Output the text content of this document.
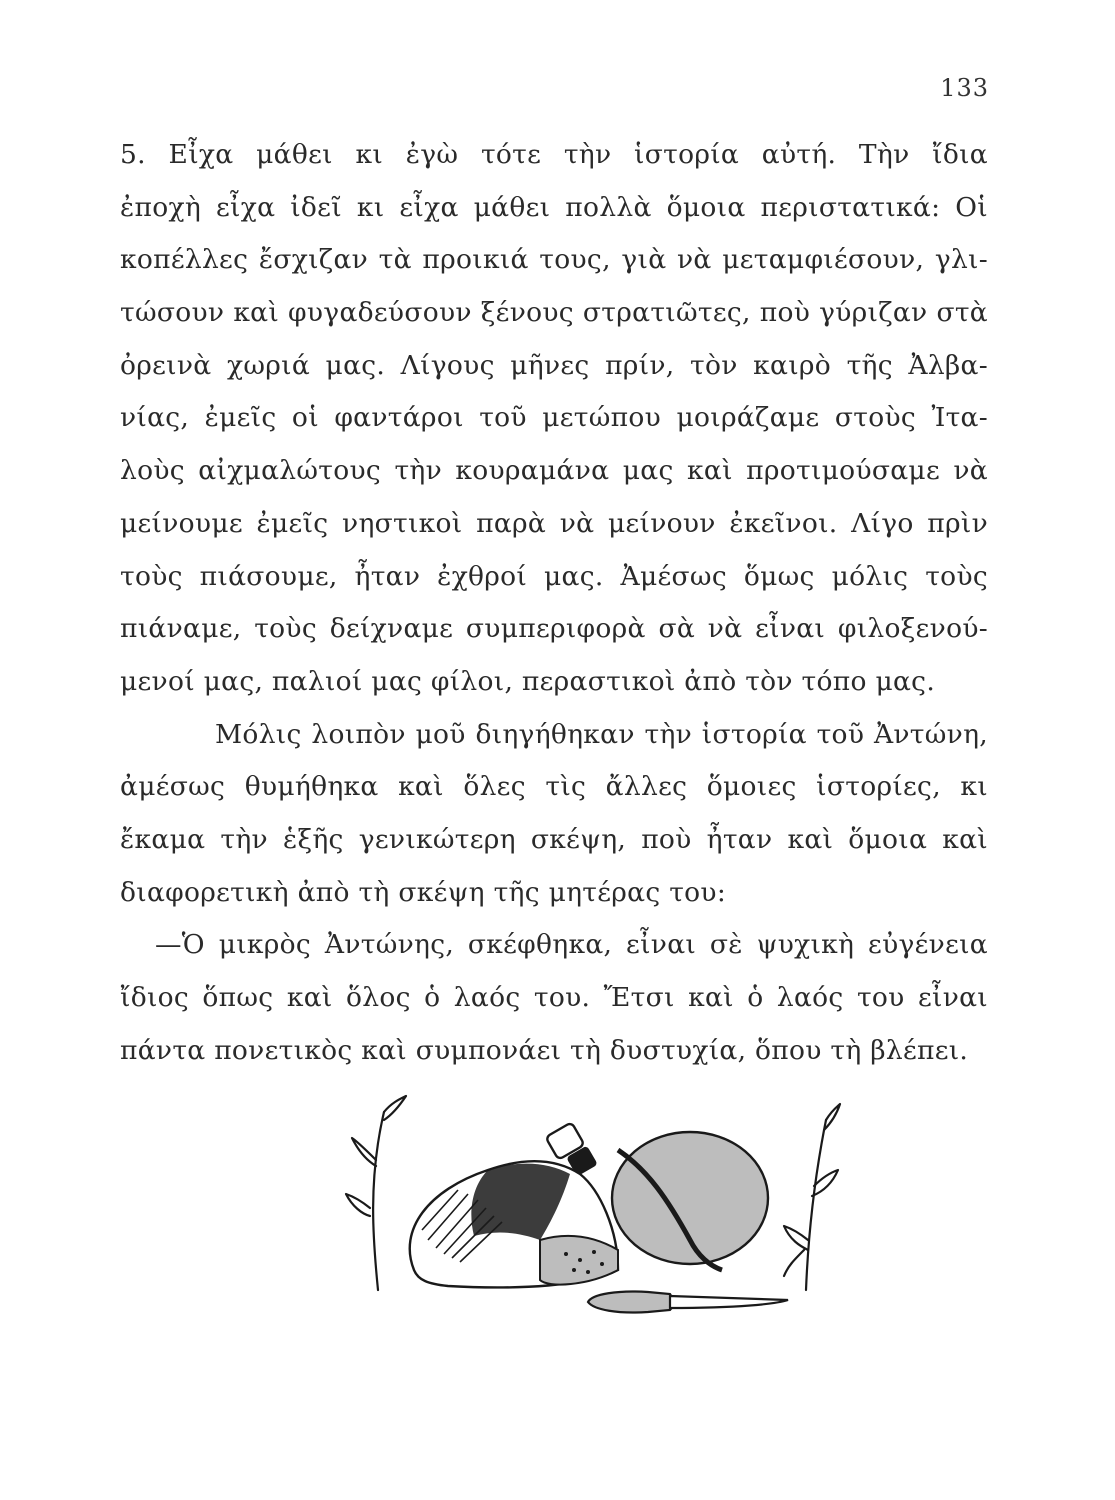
133
5. Εἶχα μάθει κι ἐγὼ τότε τὴν ἱστορία αὐτή. Τὴν ἴδια
ἐποχὴ εἶχα ἰδεῖ κι εἶχα μάθει πολλὰ ὅμοια περιστατικά: Οἱ
κοπέλλες ἔσχιζαν τὰ προικιά τους, γιὰ νὰ μεταμφιέσουν, γλι-
τώσουν καὶ φυγαδεύσουν ξένους στρατιῶτες, ποὺ γύριζαν στὰ
ὀρεινὰ χωριά μας. Λίγους μῆνες πρίν, τὸν καιρὸ τῆς Ἀλβα-
νίας, ἐμεῖς οἱ φαντάροι τοῦ μετώπου μοιράζαμε στοὺς Ἰτα-
λοὺς αἰχμαλώτους τὴν κουραμάνα μας καὶ προτιμούσαμε νὰ
μείνουμε ἐμεῖς νηστικοὶ παρὰ νὰ μείνουν ἐκεῖνοι. Λίγο πρὶν
τοὺς πιάσουμε, ἦταν ἐχθροί μας. Ἀμέσως ὅμως μόλις τοὺς
πιάναμε, τοὺς δείχναμε συμπεριφορὰ σὰ νὰ εἶναι φιλοξενού-
μενοί μας, παλιοί μας φίλοι, περαστικοὶ ἀπὸ τὸν τόπο μας.
Μόλις λοιπὸν μοῦ διηγήθηκαν τὴν ἱστορία τοῦ Ἀντώνη,
ἀμέσως θυμήθηκα καὶ ὅλες τὶς ἄλλες ὅμοιες ἱστορίες, κι
ἔκαμα τὴν ἑξῆς γενικώτερη σκέψη, ποὺ ἦταν καὶ ὅμοια καὶ
διαφορετικὴ ἀπὸ τὴ σκέψη τῆς μητέρας του:
—Ὁ μικρὸς Ἀντώνης, σκέφθηκα, εἶναι σὲ ψυχικὴ εὐγένεια
ἴδιος ὅπως καὶ ὅλος ὁ λαός του. Ἔτσι καὶ ὁ λαός του εἶναι
πάντα πονετικὸς καὶ συμπονάει τὴ δυστυχία, ὅπου τὴ βλέπει.
